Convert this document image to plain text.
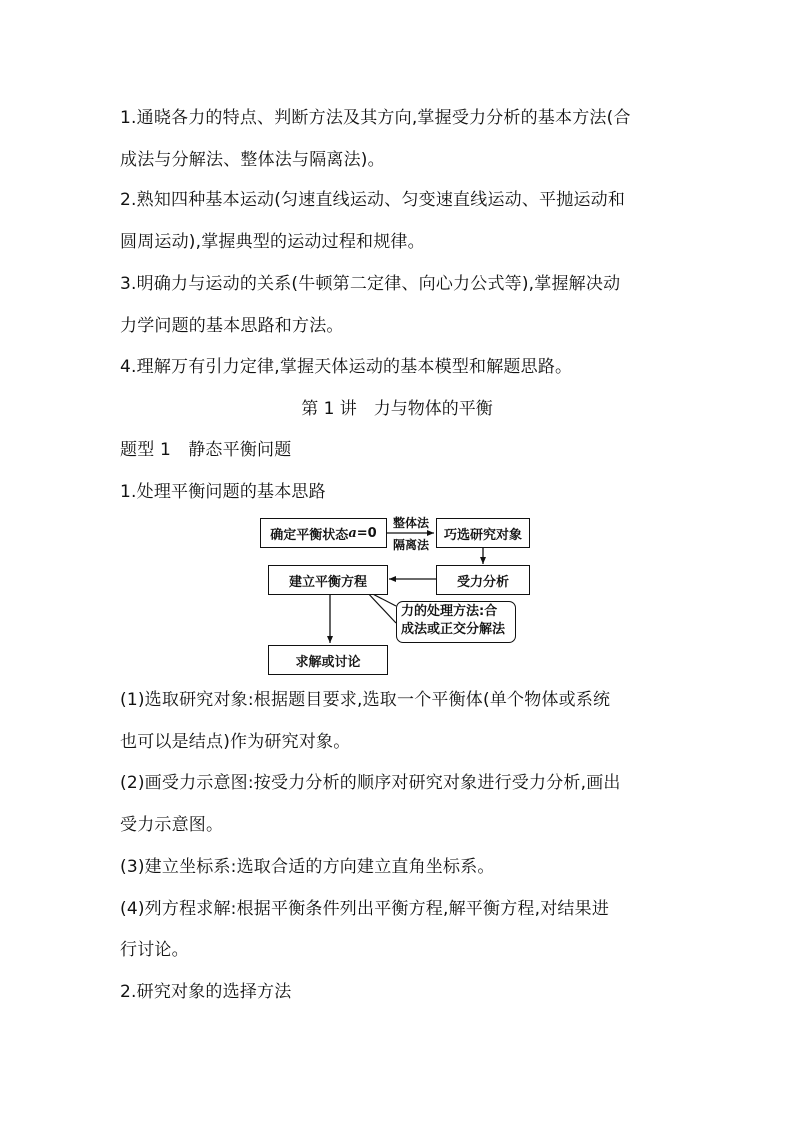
1.通晓各力的特点、判断方法及其方向,掌握受力分析的基本方法(合
成法与分解法、整体法与隔离法)。
2.熟知四种基本运动(匀速直线运动、匀变速直线运动、平抛运动和
圆周运动),掌握典型的运动过程和规律。
3.明确力与运动的关系(牛顿第二定律、向心力公式等),掌握解决动
力学问题的基本思路和方法。
4.理解万有引力定律,掌握天体运动的基本模型和解题思路。
第 1 讲　力与物体的平衡
题型 1　静态平衡问题
1.处理平衡问题的基本思路
确定平衡状态 a =0
整体法
隔离法
巧选研究对象
受力分析
建立平衡方程
力的处理方法:合
成法或正交分解法
求解或讨论
(1)选取研究对象:根据题目要求,选取一个平衡体(单个物体或系统
也可以是结点)作为研究对象。
(2)画受力示意图:按受力分析的顺序对研究对象进行受力分析,画出
受力示意图。
(3)建立坐标系:选取合适的方向建立直角坐标系。
(4)列方程求解:根据平衡条件列出平衡方程,解平衡方程,对结果进
行讨论。
2.研究对象的选择方法
